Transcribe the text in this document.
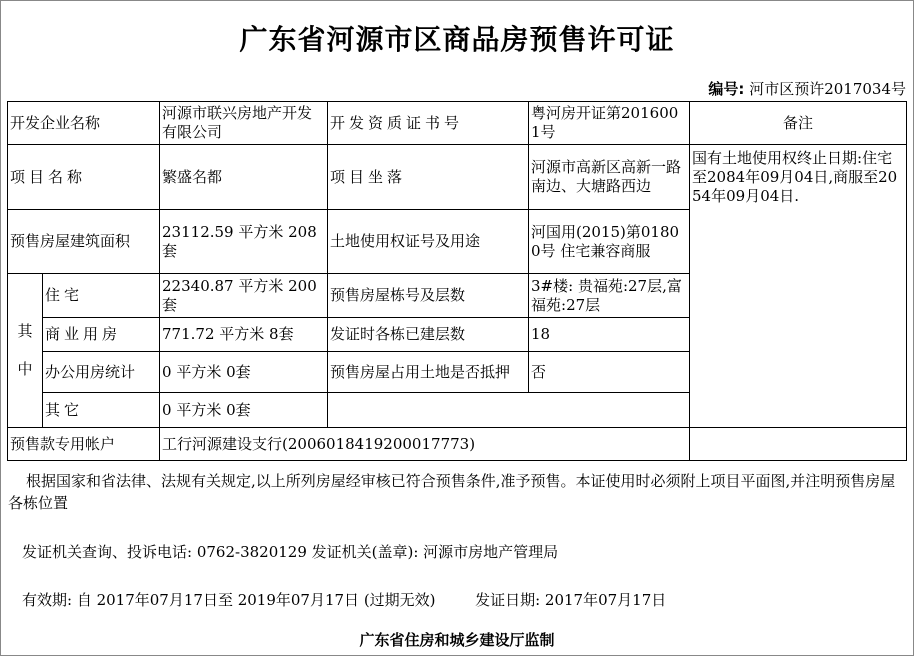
广东省河源市区商品房预售许可证
编号: 河市区预许2017034号
开发企业名称		河源市联兴房地产开发有限公司	开发资质证书号	粤河房开证第2016001号	备注
项目名称		繁盛名都	项目坐落	河源市高新区高新一路南边、大塘路西边	国有土地使用权终止日期:住宅至2084年09月04日,商服至2054年09月04日.
预售房屋建筑面积		23112.59 平方米 208套	土地使用权证号及用途	河国用(2015)第01800号 住宅兼容商服	
其

中	住宅	22340.87 平方米 200套	预售房屋栋号及层数	3#楼: 贵福苑:27层,富福苑:27层	
	商业用房	771.72 平方米 8套	发证时各栋已建层数	18	
	办公用房统计	0 平方米 0套	预售房屋占用土地是否抵押	否	
	其它	0 平方米 0套			
预售款专用帐户		工行河源建设支行(2006018419200017773)			
根据国家和省法律、法规有关规定,以上所列房屋经审核已符合预售条件,准予预售。本证使用时必须附上项目平面图,并注明预售房屋各栋位置
发证机关查询、投诉电话: 0762-3820129 发证机关(盖章): 河源市房地产管理局
有效期: 自 2017年07月17日至 2019年07月17日 (过期无效)	发证日期: 2017年07月17日
广东省住房和城乡建设厅监制
